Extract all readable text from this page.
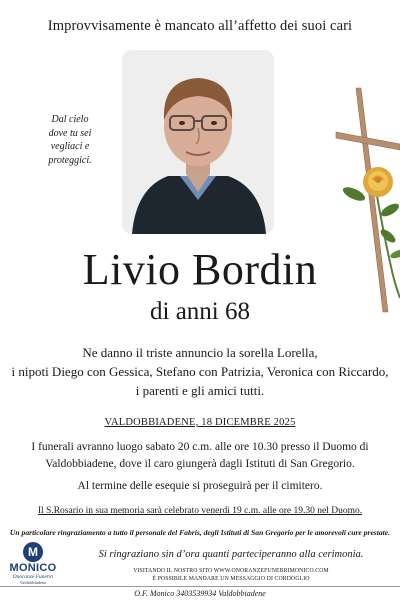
Improvvisamente è mancato all’affetto dei suoi cari
Dal cielo
dove tu sei
vegliaci e
proteggici.
Livio Bordin
di anni 68
Ne danno il triste annuncio la sorella Lorella,
i nipoti Diego con Gessica, Stefano con Patrizia, Veronica con Riccardo,
i parenti e gli amici tutti.
VALDOBBIADENE, 18 DICEMBRE 2025
I funerali avranno luogo sabato 20 c.m. alle ore 10.30 presso il Duomo di
Valdobbiadene, dove il caro giungerà dagli Istituti di San Gregorio.
Al termine delle esequie si proseguirà per il cimitero.
Il S.Rosario in sua memoria sarà celebrato venerdì 19 c.m. alle ore 19.30 nel Duomo.
Un particolare ringraziamento a tutto il personale del Fabris, degli Istituti di San Gregorio per le amorevoli cure prestate.
M
MONICO
Onoranze Funebri
Valdobbiadene
Si ringraziano sin d’ora quanti parteciperanno alla cerimonia.
VISITANDO IL NOSTRO SITO WWW.ONORANZEFUNEBRIMONICO.COM
È POSSIBILE MANDARE UN MESSAGGIO DI CORDOGLIO
O.F. Monico 3403539934 Valdobbiadene
